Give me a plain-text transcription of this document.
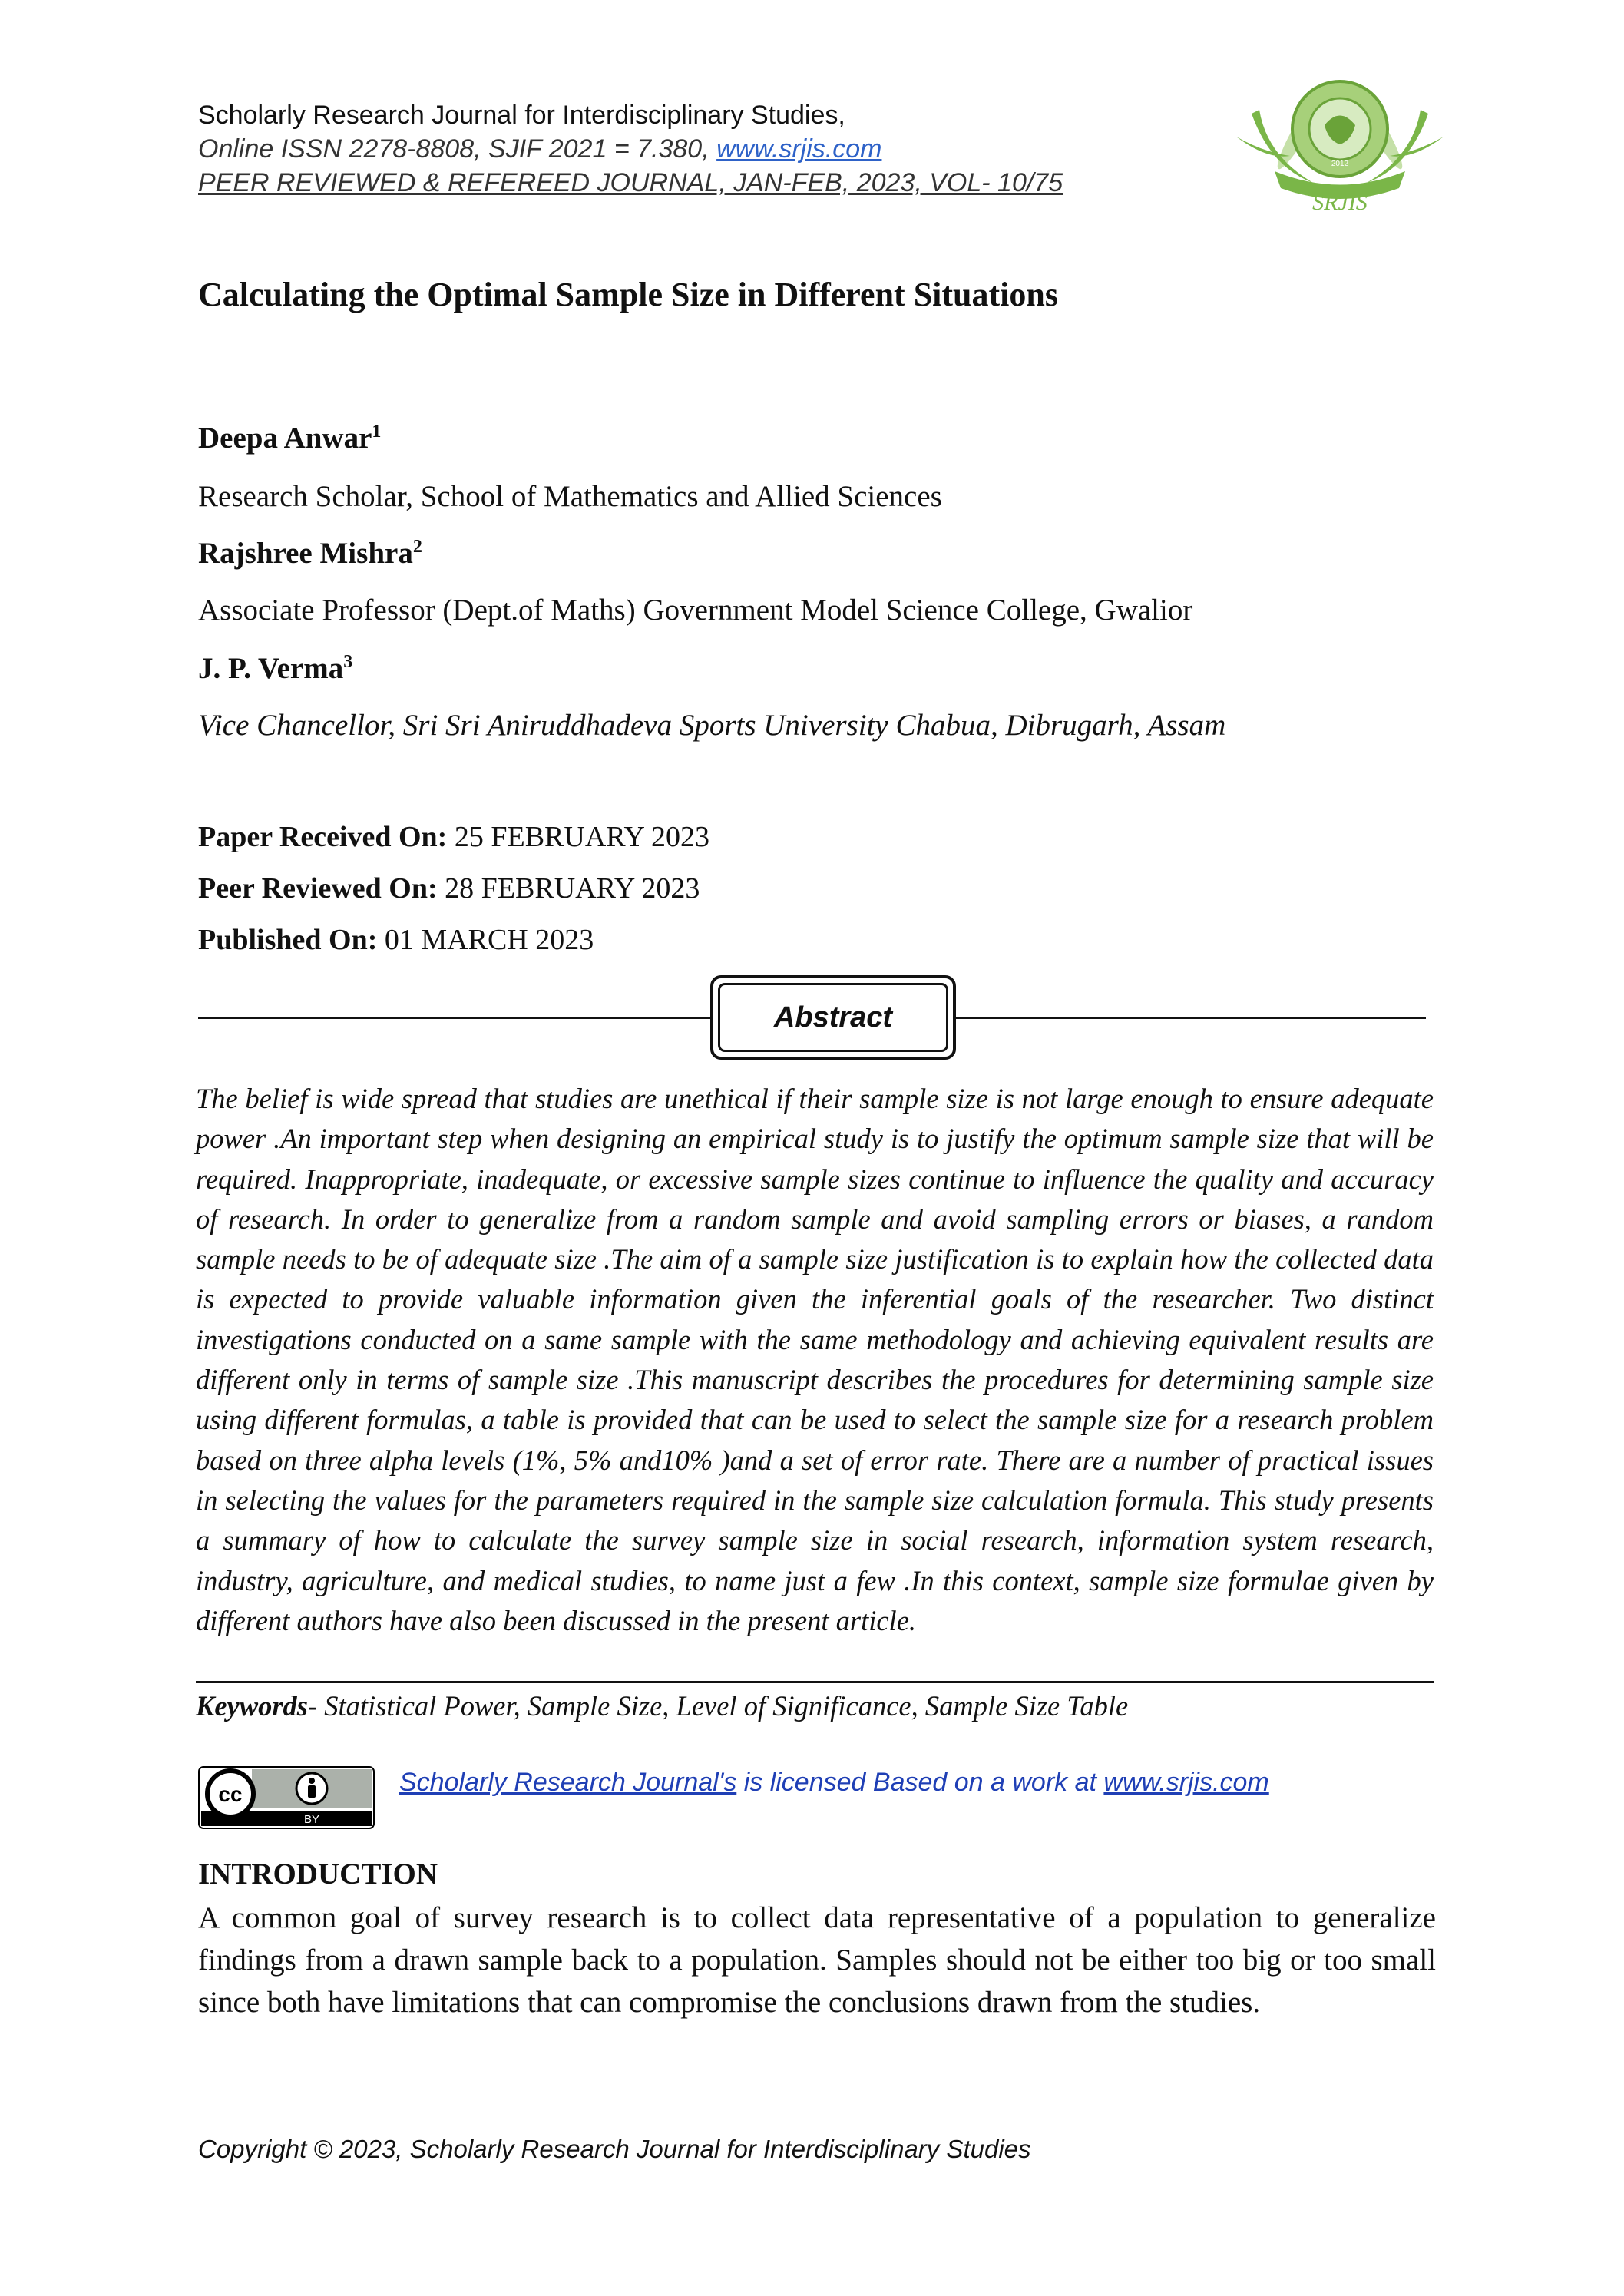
Scholarly Research Journal for Interdisciplinary Studies,
Online ISSN 2278-8808, SJIF 2021 = 7.380, www.srjis.com
PEER REVIEWED & REFEREED JOURNAL, JAN-FEB, 2023, VOL- 10/75
SRJIS
2012
Calculating the Optimal Sample Size in Different Situations
Deepa Anwar$^1$
Research Scholar, School of Mathematics and Allied Sciences
Rajshree Mishra$^2$
Associate Professor (Dept.of Maths) Government Model Science College, Gwalior
J. P. Verma$^3$
Vice Chancellor, Sri Sri Aniruddhadeva Sports University Chabua, Dibrugarh, Assam
Paper Received On: 25 FEBRUARY 2023
Peer Reviewed On: 28 FEBRUARY 2023
Published On: 01 MARCH 2023
Abstract
The belief is wide spread that studies are unethical if their sample size is not large enough to ensure adequate power .An important step when designing an empirical study is to justify the optimum sample size that will be required. Inappropriate, inadequate, or excessive sample sizes continue to influence the quality and accuracy of research. In order to generalize from a random sample and avoid sampling errors or biases, a random sample needs to be of adequate size .The aim of a sample size justification is to explain how the collected data is expected to provide valuable information given the inferential goals of the researcher. Two distinct investigations conducted on a same sample with the same methodology and achieving equivalent results are different only in terms of sample size .This manuscript describes the procedures for determining sample size using different formulas, a table is provided that can be used to select the sample size for a research problem based on three alpha levels (1%, 5% and10% )and a set of error rate. There are a number of practical issues in selecting the values for the parameters required in the sample size calculation formula. This study presents a summary of how to calculate the survey sample size in social research, information system research, industry, agriculture, and medical studies, to name just a few .In this context, sample size formulae given by different authors have also been discussed in the present article.
Keywords- Statistical Power, Sample Size, Level of Significance, Sample Size Table
cc
BY
Scholarly Research Journal's is licensed Based on a work at www.srjis.com
INTRODUCTION
A common goal of survey research is to collect data representative of a population to generalize findings from a drawn sample back to a population. Samples should not be either too big or too small since both have limitations that can compromise the conclusions drawn from the studies.
Copyright © 2023, Scholarly Research Journal for Interdisciplinary Studies
